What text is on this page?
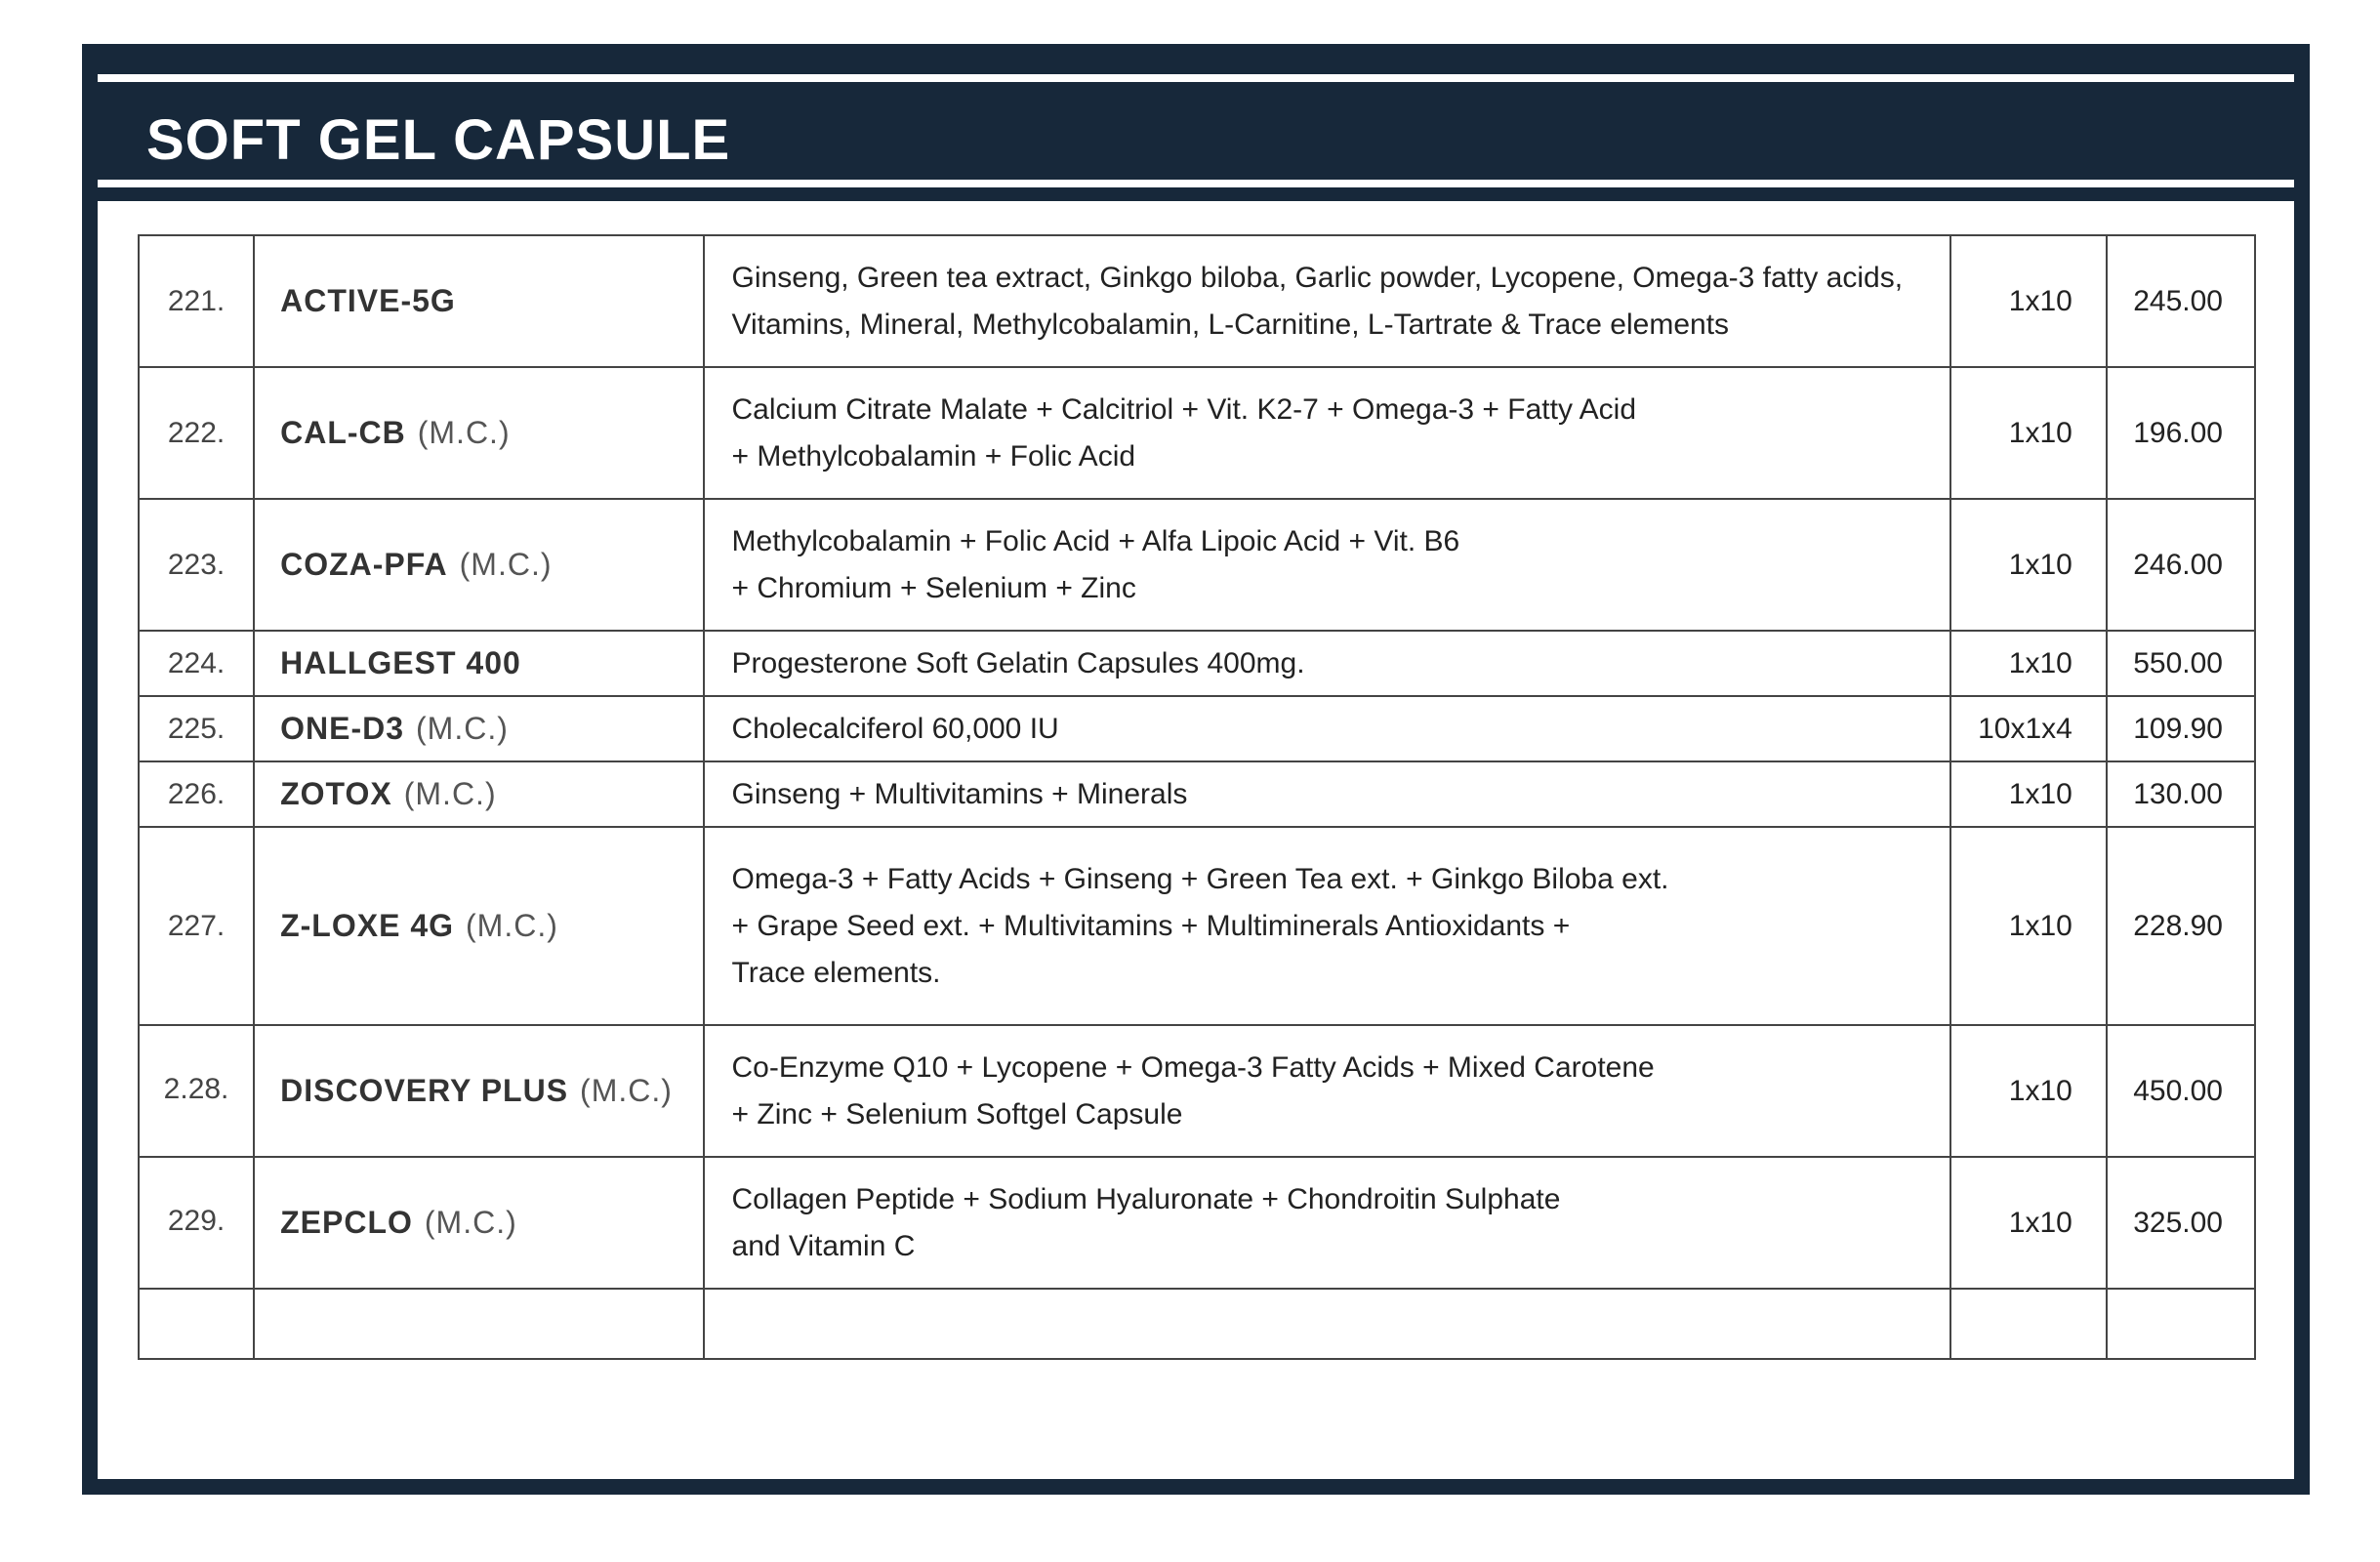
SOFT GEL CAPSULE
221.	ACTIVE-5G	Ginseng, Green tea extract, Ginkgo biloba, Garlic powder, Lycopene, Omega-3 fatty acids,
Vitamins, Mineral, Methylcobalamin, L-Carnitine, L-Tartrate & Trace elements	1x10	245.00
222.	CAL-CB (M.C.)	Calcium Citrate Malate + Calcitriol + Vit. K2-7 + Omega-3 + Fatty Acid
+ Methylcobalamin + Folic Acid	1x10	196.00
223.	COZA-PFA (M.C.)	Methylcobalamin + Folic Acid + Alfa Lipoic Acid + Vit. B6
+ Chromium + Selenium + Zinc	1x10	246.00
224.	HALLGEST 400	Progesterone Soft Gelatin Capsules 400mg.	1x10	550.00
225.	ONE-D3 (M.C.)	Cholecalciferol 60,000 IU	10x1x4	109.90
226.	ZOTOX (M.C.)	Ginseng + Multivitamins + Minerals	1x10	130.00
227.	Z-LOXE 4G (M.C.)	Omega-3 + Fatty Acids + Ginseng + Green Tea ext. + Ginkgo Biloba ext.
+ Grape Seed ext. + Multivitamins + Multiminerals Antioxidants +
Trace elements.	1x10	228.90
2.28.	DISCOVERY PLUS (M.C.)	Co-Enzyme Q10 + Lycopene + Omega-3 Fatty Acids + Mixed Carotene
+ Zinc + Selenium Softgel Capsule	1x10	450.00
229.	ZEPCLO (M.C.)	Collagen Peptide + Sodium Hyaluronate + Chondroitin Sulphate
and Vitamin C	1x10	325.00
